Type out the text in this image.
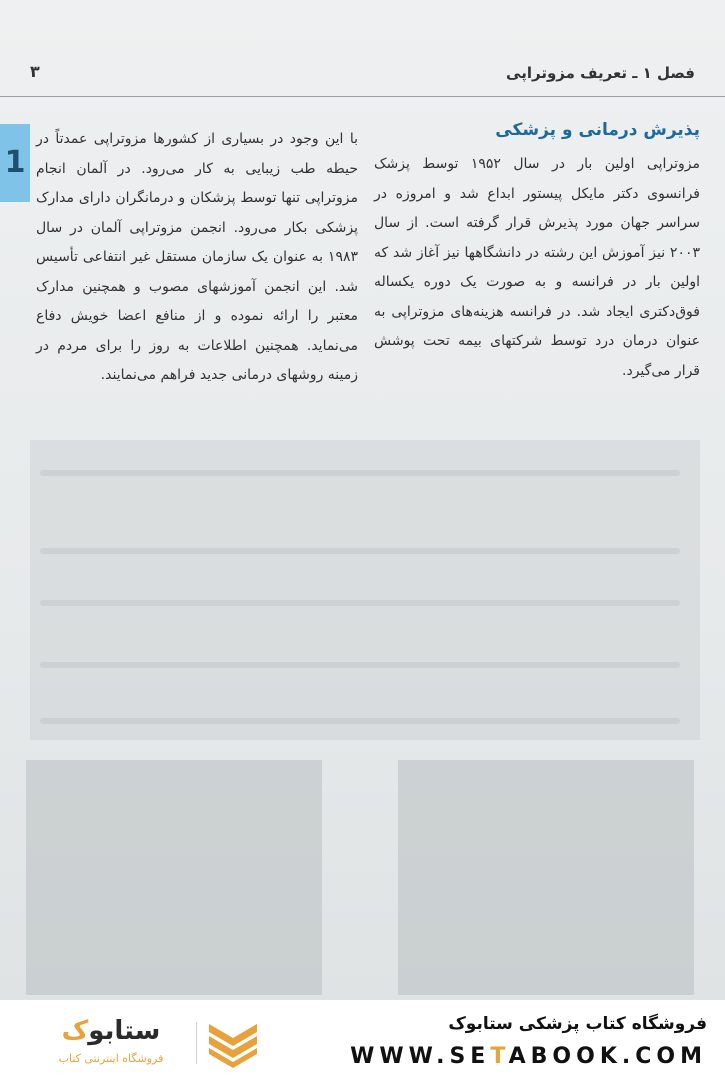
فصل ۱ ـ تعریف مزوتراپی
۳
1
پذیرش درمانی و پزشکی

مزوتراپی اولین بار در سال ۱۹۵۲ توسط پزشک فرانسوی دکتر مایکل پیستور ابداع شد و امروزه در سراسر جهان مورد پذیرش قرار گرفته است. از سال ۲۰۰۳ نیز آموزش این رشته در دانشگاهها نیز آغاز شد که اولین بار در فرانسه و به صورت یک دوره یکساله فوق‌دکتری ایجاد شد. در فرانسه هزینه‌های مزوتراپی به عنوان درمان درد توسط شرکتهای بیمه تحت پوشش قرار می‌گیرد.

با این وجود در بسیاری از کشورها مزوتراپی عمدتاً در حیطه طب زیبایی به کار می‌رود. در آلمان انجام مزوتراپی تنها توسط پزشکان و درمانگران دارای مدارک پزشکی بکار می‌رود. انجمن مزوتراپی آلمان در سال ۱۹۸۳ به عنوان یک سازمان مستقل غیر انتفاعی تأسیس شد. این انجمن آموزشهای مصوب و همچنین مدارک معتبر را ارائه نموده و از منافع اعضا خویش دفاع می‌نماید. همچنین اطلاعات به روز را برای مردم در زمینه روشهای درمانی جدید فراهم می‌نمایند.

ستابوک
فروشگاه اینترنتی کتاب
فروشگاه کتاب پزشکی ستابوک
WWW.SETABOOK.COM
